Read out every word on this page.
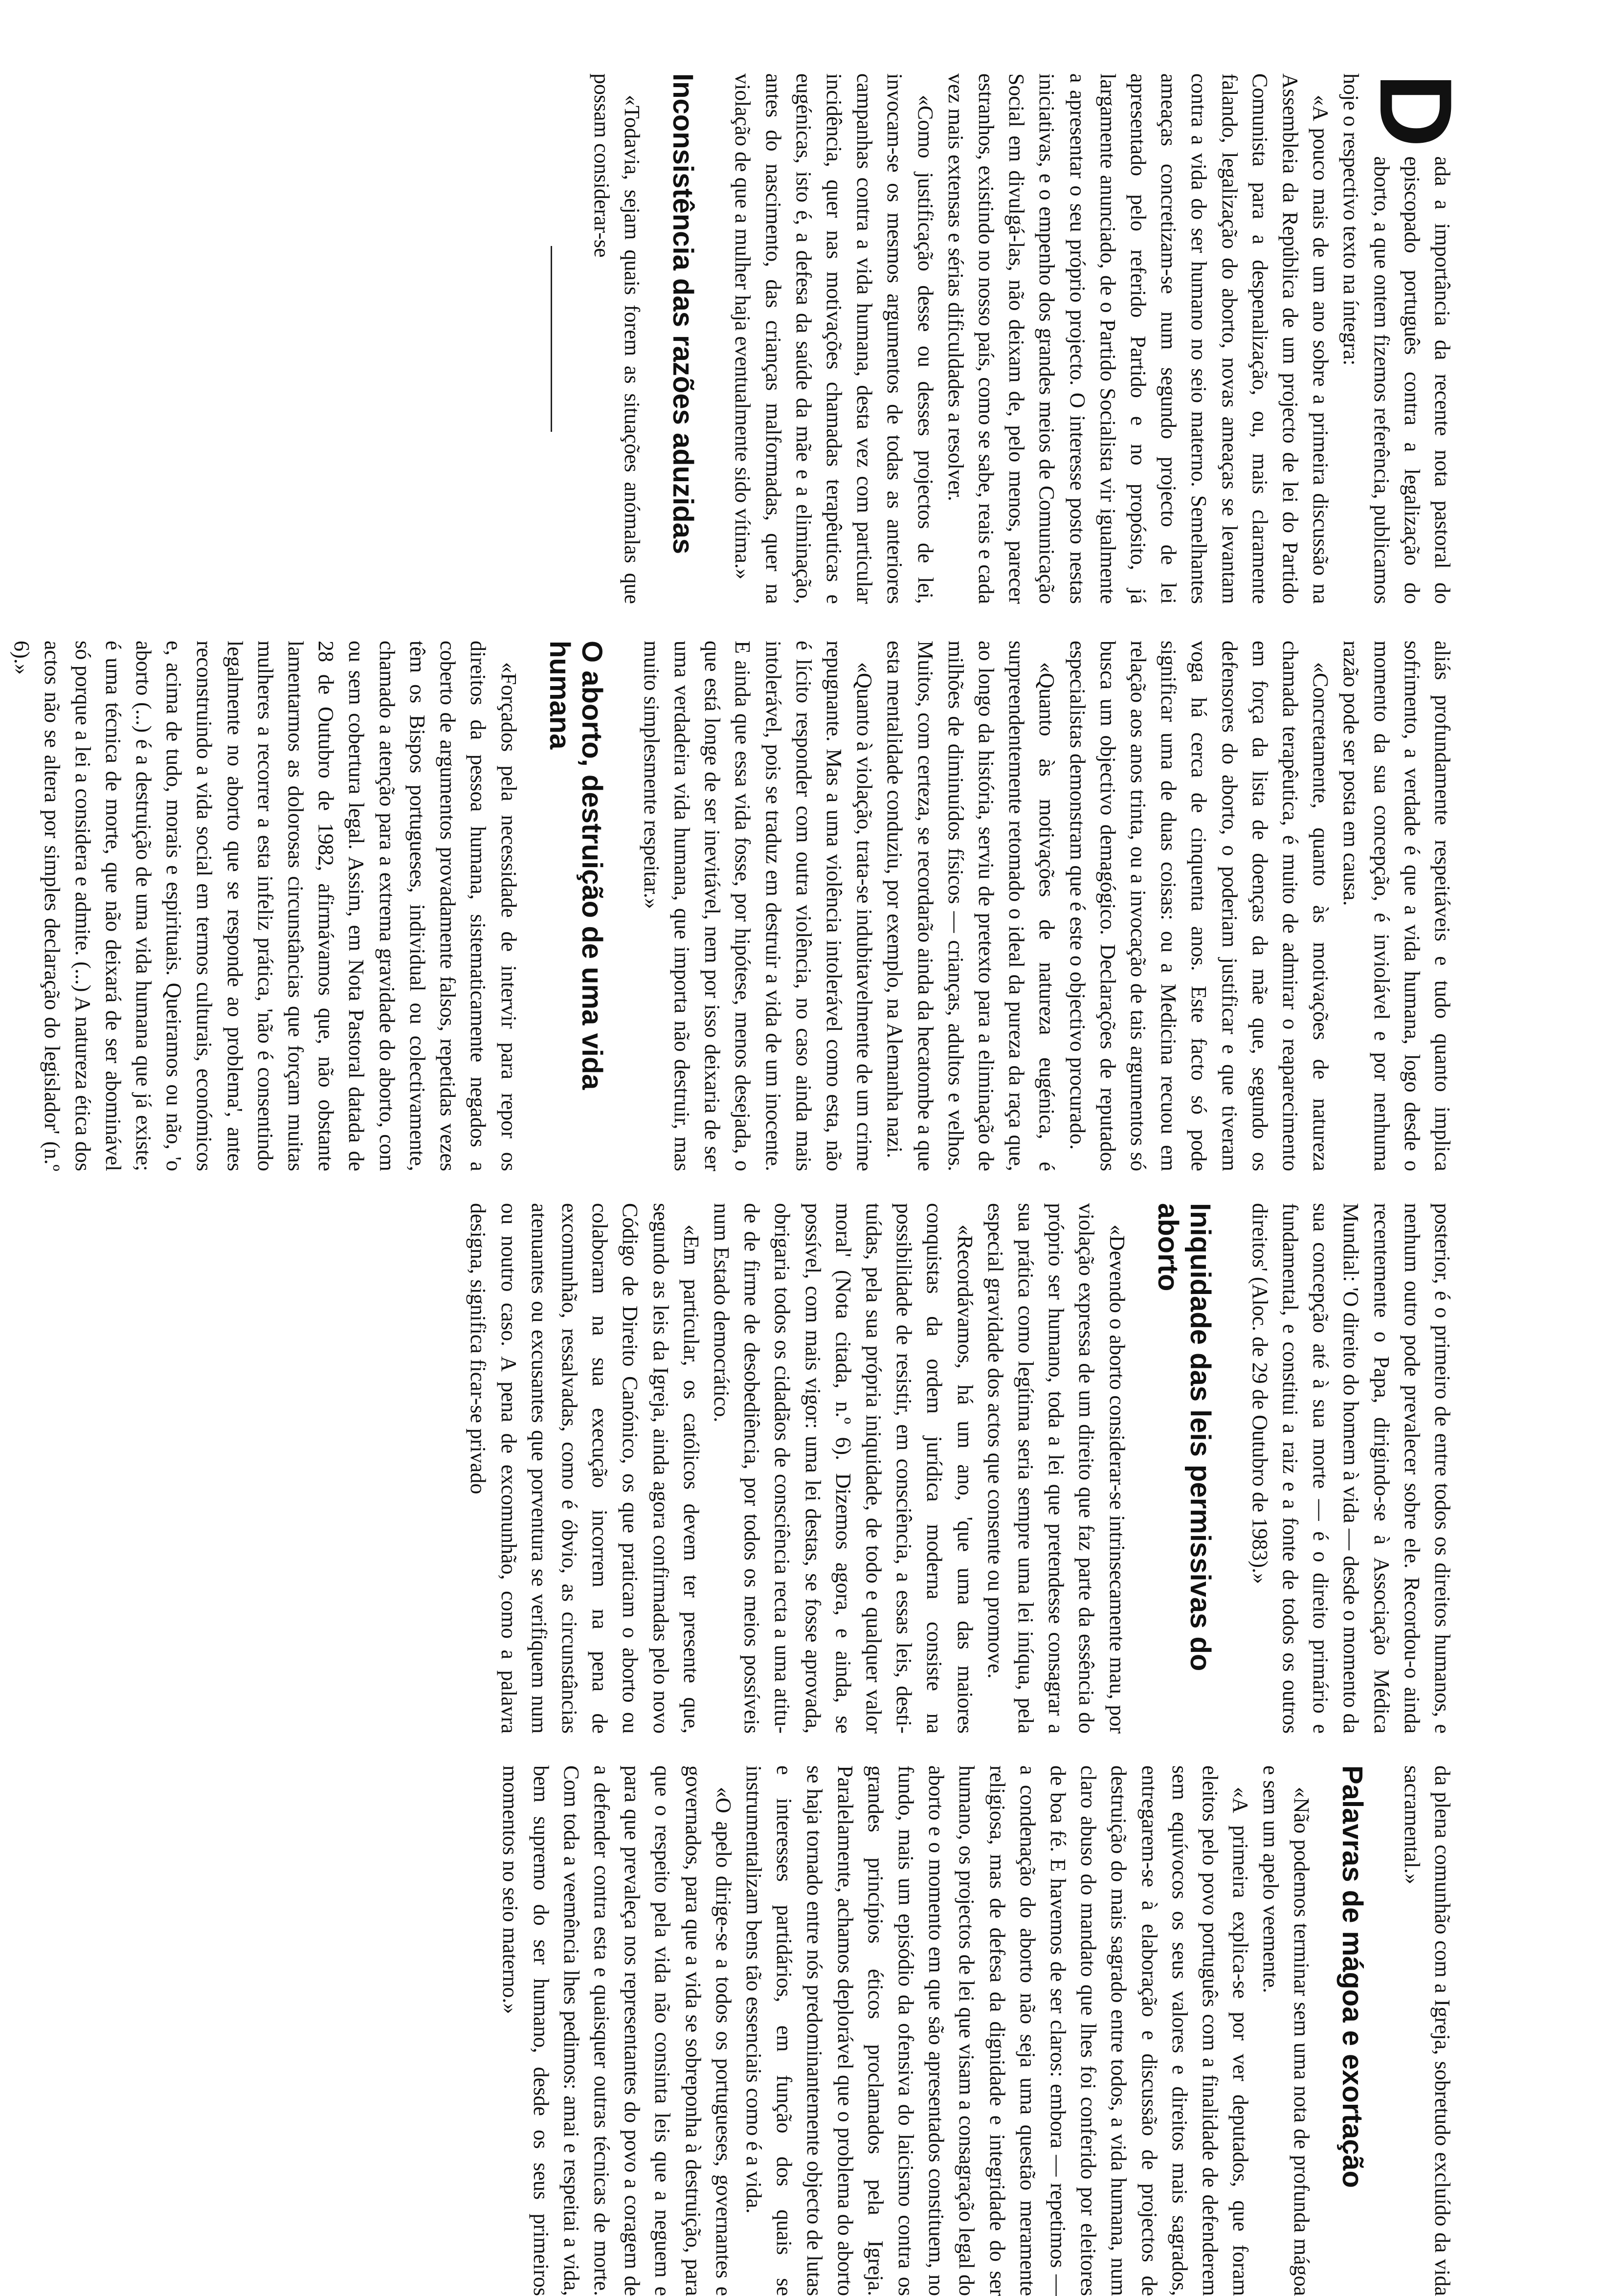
D

ada a importância da recente nota pastoral do episcopado português contra a legalização do aborto, a que ontem fizemos referência, publicamos hoje o respectivo texto na íntegra:

«A pouco mais de um ano sobre a primeira discussão na Assembleia da República de um projecto de lei do Partido Comunista para a despenalização, ou, mais claramente falando, legalização do aborto, novas ameaças se levantam contra a vida do ser humano no seio materno. Semelhantes ameaças concretizam-se num segundo projecto de lei apresentado pelo referido Partido e no propósito, já largamente anunciado, de o Partido Socialista vir igualmente a apresentar o seu próprio projecto. O interesse posto nestas iniciativas, e o empenho dos grandes meios de Comunicação Social em divulgá-las, não deixam de, pelo menos, parecer estranhos, existindo no nosso país, como se sabe, reais e cada vez mais extensas e sérias dificuldades a resolver.

«Como justificação desse ou desses projectos de lei, invocam-se os mesmos argumentos de todas as anteriores campanhas contra a vida humana, desta vez com particular incidência, quer nas motivações chamadas terapêuticas e eugénicas, isto é, a defesa da saúde da mãe e a eliminação, antes do nascimento, das crianças malformadas, quer na violação de que a mulher haja eventualmente sido vítima.»

Inconsistência das razões aduzidas

«Todavia, sejam quais forem as situações anómalas que possam considerar-se

aliás profundamente respeitáveis e tudo quanto implica sofrimento, a verdade é que a vida humana, logo desde o momento da sua concepção, é inviolável e por nenhuma razão pode ser posta em causa.

«Concretamente, quanto às motivações de natureza chamada terapêutica, é muito de admirar o reaparecimento em força da lista de doenças da mãe que, segundo os defensores do aborto, o poderiam justificar e que tiveram voga há cerca de cinquenta anos. Este facto só pode significar uma de duas coisas: ou a Medicina recuou em relação aos anos trinta, ou a invocação de tais argumentos só busca um objectivo demagógico. Declarações de reputados especialistas demonstram que é este o objectivo procurado.

«Quanto às motivações de natureza eugénica, é surpreendentemente retomado o ideal da pureza da raça que, ao longo da história, serviu de pretexto para a eliminação de milhões de diminuídos físicos — crianças, adultos e velhos. Muitos, com certeza, se recordarão ainda da hecatombe a que esta mentalidade conduziu, por exemplo, na Alemanha nazi.

«Quanto à violação, trata-se indubitavelmente de um crime repugnante. Mas a uma violência intolerável como esta, não é lícito responder com outra violência, no caso ainda mais intolerável, pois se traduz em destruir a vida de um inocente. E ainda que essa vida fosse, por hipótese, menos desejada, o que está longe de ser inevitável, nem por isso deixaria de ser uma verdadeira vida humana, que importa não destruir, mas muito simplesmente respeitar.»

O aborto, destruição de uma vida humana

«Forçados pela necessidade de intervir para repor os direitos da pessoa humana, sistematicamente negados a coberto de argumentos provadamente falsos, repetidas vezes têm os Bispos portugueses, individual ou colectivamente, chamado a atenção para a extrema gravidade do aborto, com ou sem cobertura legal. Assim, em Nota Pastoral datada de 28 de Outubro de 1982, afirmávamos que, não obstante lamentarmos as dolorosas circunstâncias que forçam muitas mulheres a recorrer a esta infeliz prática, 'não é consentindo legalmente no aborto que se responde ao problema', antes reconstruindo a vida social em termos culturais, económicos e, acima de tudo, morais e espirituais. Queiramos ou não, 'o aborto (...) é a destruição de uma vida humana que já existe; é uma técnica de morte, que não deixará de ser abominável só porque a lei a considera e admite. (...) A natureza ética dos actos não se altera por simples declaração do legislador' (n.º 6).»

posterior, é o primeiro de entre todos os direitos humanos, e nenhum outro pode prevalecer sobre ele. Recordou-o ainda recentemente o Papa, dirigindo-se à Associação Médica Mundial: 'O direito do homem à vida — desde o momento da sua concepção até à sua morte — é o direito primário e fundamental, e constitui a raiz e a fonte de todos os outros direitos' (Aloc. de 29 de Outubro de 1983).»

Iniquidade das leis permissivas do aborto

«Devendo o aborto considerar-se intrinsecamente mau, por violação expressa de um direito que faz parte da essência do próprio ser humano, toda a lei que pretendesse consagrar a sua prática como legítima seria sempre uma lei iníqua, pela especial gravidade dos actos que consente ou promove.

«Recordávamos, há um ano, 'que uma das maiores conquistas da ordem jurídica moderna consiste na possibilidade de resistir, em consciência, a essas leis, destituídas, pela sua própria iniquidade, de todo e qualquer valor moral' (Nota citada, n.º 6). Dizemos agora, e ainda, se possível, com mais vigor: uma lei destas, se fosse aprovada, obrigaria todos os cidadãos de consciência recta a uma atitude de firme de desobediência, por todos os meios possíveis num Estado democrático.

«Em particular, os católicos devem ter presente que, segundo as leis da Igreja, ainda agora confirmadas pelo novo Código de Direito Canónico, os que praticam o aborto ou colaboram na sua execução incorrem na pena de excomunhão, ressalvadas, como é óbvio, as circunstâncias atenuantes ou excusantes que porventura se verifiquem num ou noutro caso. A pena de excomunhão, como a palavra designa, significa ficar-se privado

da plena comunhão com a Igreja, sobretudo excluído da vida sacramental.»

Palavras de mágoa e exortação

«Não podemos terminar sem uma nota de profunda mágoa e sem um apelo veemente.

«A primeira explica-se por ver deputados, que foram eleitos pelo povo português com a finalidade de defenderem sem equívocos os seus valores e direitos mais sagrados, entregarem-se à elaboração e discussão de projectos de destruição do mais sagrado entre todos, a vida humana, num claro abuso do mandato que lhes foi conferido por eleitores de boa fé. E havemos de ser claros: embora — repetimos — a condenação do aborto não seja uma questão meramente religiosa, mas de defesa da dignidade e integridade do ser humano, os projectos de lei que visam a consagração legal do aborto e o momento em que são apresentados constituem, no fundo, mais um episódio da ofensiva do laicismo contra os grandes princípios éticos proclamados pela Igreja. Paralelamente, achamos deplorável que o problema do aborto se haja tornado entre nós predominantemente objecto de lutas e interesses partidários, em função dos quais se instrumentalizam bens tão essenciais como é a vida.

«O apelo dirige-se a todos os portugueses, governantes e governados, para que a vida se sobreponha à destruição, para que o respeito pela vida não consinta leis que a neguem e para que prevaleça nos representantes do povo a coragem de a defender contra esta e quaisquer outras técnicas de morte. Com toda a veemência lhes pedimos: amai e respeitai a vida, bem supremo do ser humano, desde os seus primeiros momentos no seio materno.»
